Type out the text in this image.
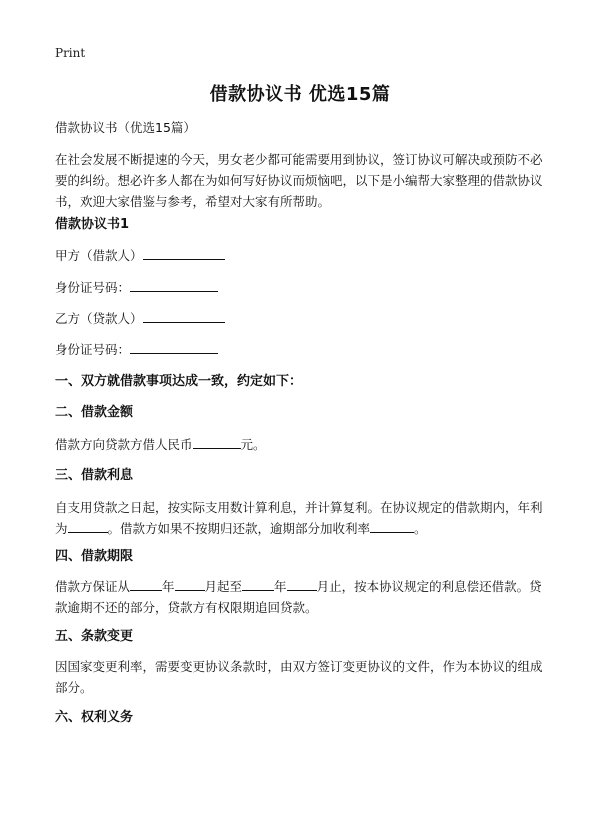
Print
借款协议书 优选15篇
借款协议书（优选15篇）
在社会发展不断提速的今天，男女老少都可能需要用到协议，签订协议可解决或预防不必要的纠纷。想必许多人都在为如何写好协议而烦恼吧，以下是小编帮大家整理的借款协议书，欢迎大家借鉴与参考，希望对大家有所帮助。
借款协议书1
甲方（借款人）
身份证号码：
乙方（贷款人）
身份证号码：
一、双方就借款事项达成一致，约定如下：
二、借款金额
借款方向贷款方借人民币	元。
三、借款利息
自支用贷款之日起，按实际支用数计算利息，并计算复利。在协议规定的借款期内，年利为	。借款方如果不按期归还款，逾期部分加收利率	。
四、借款期限
借款方保证从	年 月起至	年 月止，按本协议规定的利息偿还借款。贷款逾期不还的部分，贷款方有权限期追回贷款。
五、条款变更
因国家变更利率，需要变更协议条款时，由双方签订变更协议的文件，作为本协议的组成部分。
六、权利义务
